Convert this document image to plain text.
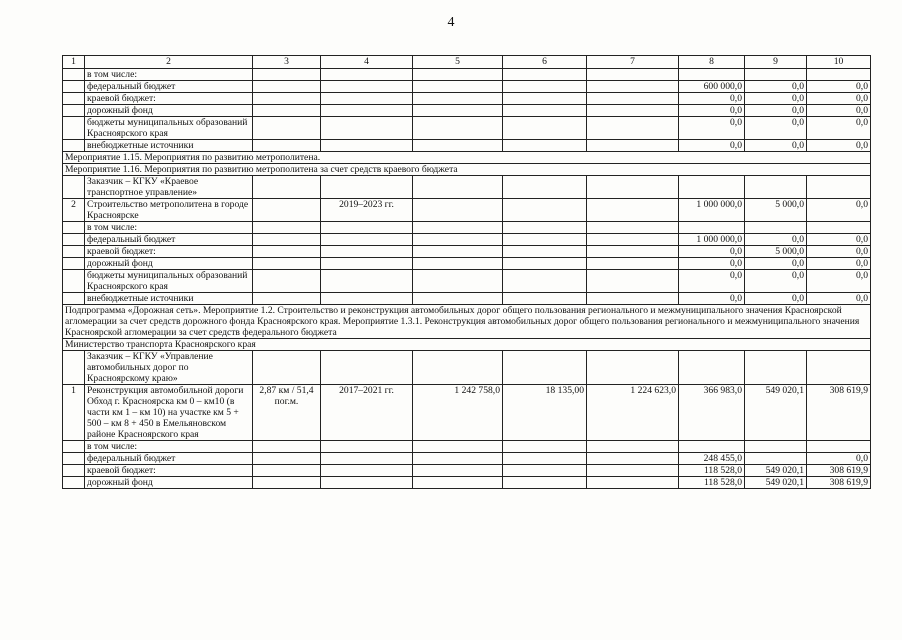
4
1	2	3	4	5	6	7	8	9	10
	в том числе:								
	федеральный бюджет						600 000,0	0,0	0,0
	краевой бюджет:						0,0	0,0	0,0
	дорожный фонд						0,0	0,0	0,0
	бюджеты муниципальных образований Красноярского края						0,0	0,0	0,0
	внебюджетные источники						0,0	0,0	0,0
Мероприятие 1.15. Мероприятия по развитию метрополитена.									
Мероприятие 1.16. Мероприятия по развитию метрополитена за счет средств краевого бюджета									
	Заказчик – КГКУ «Краевое транспортное управление»								
2	Строительство метрополитена в городе Красноярске		2019–2023 гг.				1 000 000,0	5 000,0	0,0
	в том числе:								
	федеральный бюджет						1 000 000,0	0,0	0,0
	краевой бюджет:						0,0	5 000,0	0,0
	дорожный фонд						0,0	0,0	0,0
	бюджеты муниципальных образований Красноярского края						0,0	0,0	0,0
	внебюджетные источники						0,0	0,0	0,0
Подпрограмма «Дорожная сеть». Мероприятие 1.2. Строительство и реконструкция автомобильных дорог общего пользования регионального и межмуниципального значения Красноярской агломерации за счет средств дорожного фонда Красноярского края. Мероприятие 1.3.1. Реконструкция автомобильных дорог общего пользования регионального и межмуниципального значения Красноярской агломерации за счет средств федерального бюджета									
Министерство транспорта Красноярского края									
	Заказчик – КГКУ «Управление автомобильных дорог по Красноярскому краю»								
1	Реконструкция автомобильной дороги Обход г. Красноярска км 0 – км10 (в части км 1 – км 10) на участке км 5 + 500 – км 8 + 450 в Емельяновском районе Красноярского края	2,87 км / 51,4 пог.м.	2017–2021 гг.	1 242 758,0	18 135,00	1 224 623,0	366 983,0	549 020,1	308 619,9
	в том числе:								
	федеральный бюджет						248 455,0		0,0
	краевой бюджет:						118 528,0	549 020,1	308 619,9
	дорожный фонд						118 528,0	549 020,1	308 619,9
